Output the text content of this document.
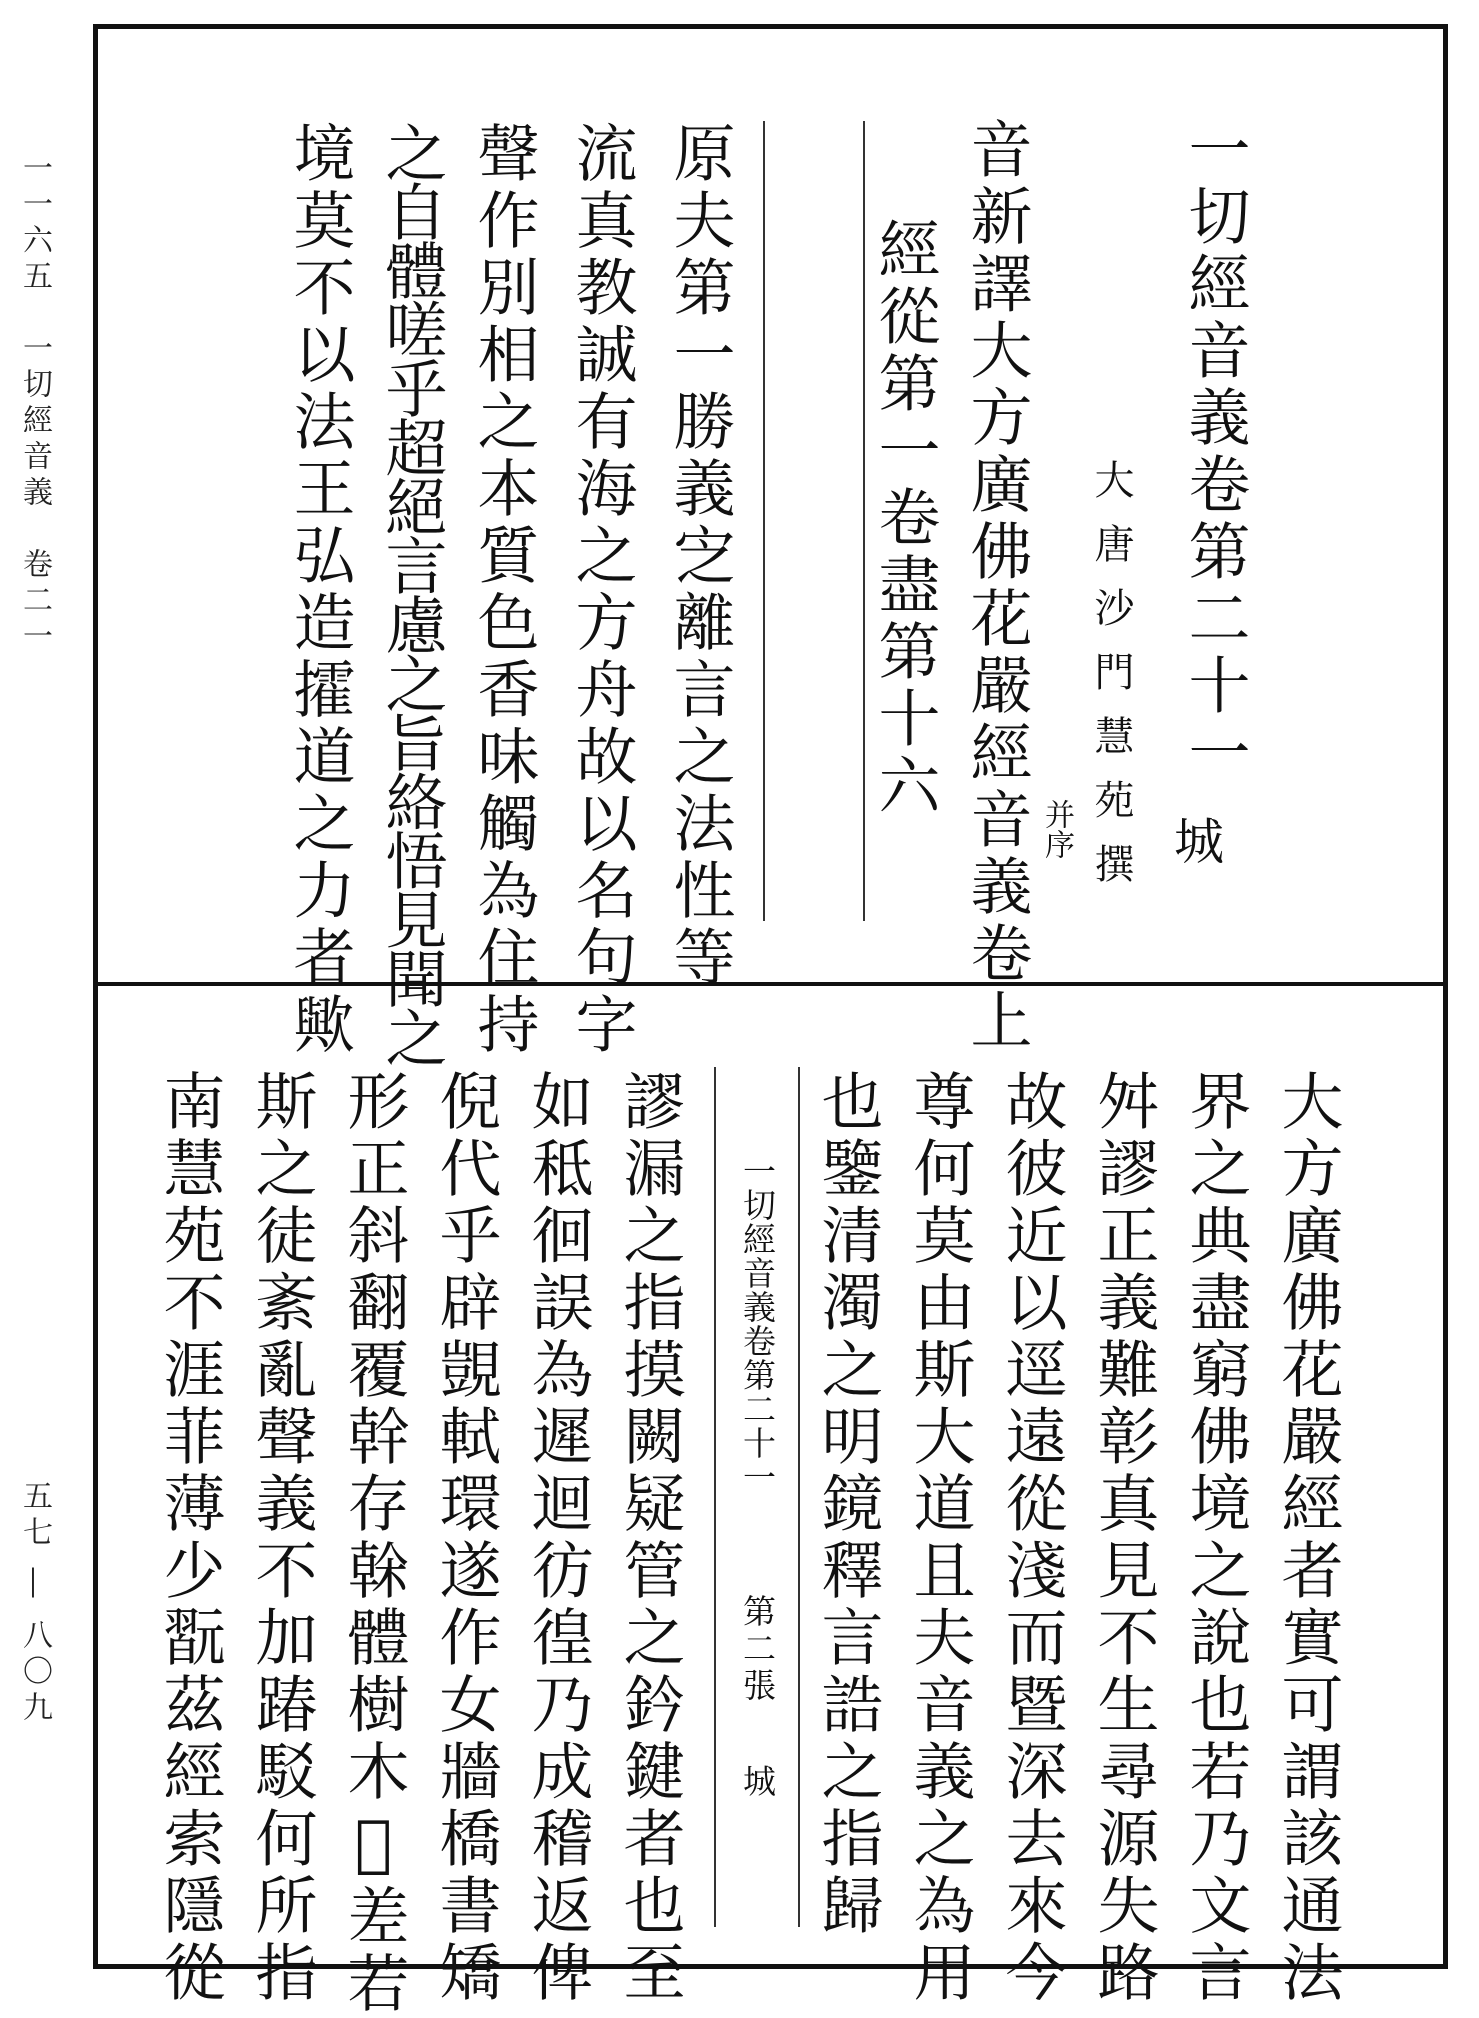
一一六五　一切經音義　卷二一
五七 ― 八〇九
一切經音義卷第二十一
城
大唐沙門慧苑撰
音新譯大方廣佛花嚴經音義卷上 并序
經從第一卷盡第十六
原夫第一勝義㝎離言之法性等
流真教誠有海之方舟故以名句字
聲作別相之本質色香味觸為住持
之自體嗟乎超絕言慮之旨絡悟見聞之
境莫不以法王弘造攉道之力者歟
大方廣佛花嚴經者實可謂該通法
界之典盡窮佛境之說也若乃文言
舛謬正義難彰真見不生尋源失路
故彼近以逕遠從淺而暨深去來今
尊何莫由斯大道且夫音義之為用
也鑒清濁之明鏡釋言誥之指歸
一切經音義卷第二十一
第二張
城
謬漏之指摸闕疑管之鈐鍵者也至
如秪徊誤為遲迴彷徨乃成稽返俾
倪代乎辟覬軾環遂作女牆橋書矯
形正斜翻覆幹存榦體樹木𣗥差若
斯之徒紊亂聲義不加踳駁何所指
南慧苑不涯菲薄少翫茲經索隱從
